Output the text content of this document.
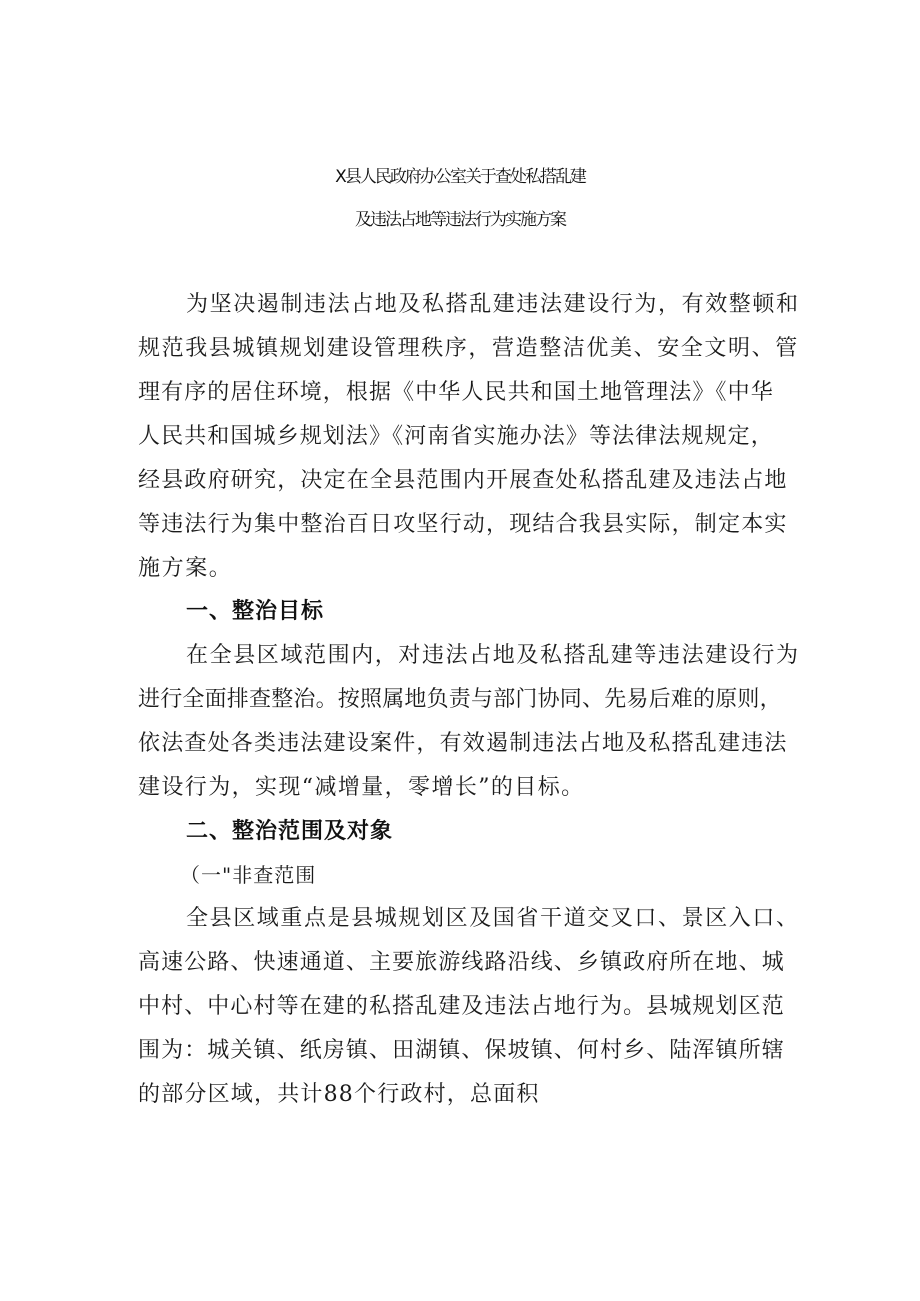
X县人民政府办公室关于查处私搭乱建
及违法占地等违法行为实施方案

为坚决遏制违法占地及私搭乱建违法建设行为，有效整顿和

规范我县城镇规划建设管理秩序，营造整洁优美、安全文明、管

理有序的居住环境，根据《中华人民共和国土地管理法》《中华

人民共和国城乡规划法》《河南省实施办法》等法律法规规定，

经县政府研究，决定在全县范围内开展查处私搭乱建及违法占地

等违法行为集中整治百日攻坚行动，现结合我县实际，制定本实

施方案。

一、整治目标

在全县区域范围内，对违法占地及私搭乱建等违法建设行为

进行全面排查整治。按照属地负责与部门协同、先易后难的原则，

依法查处各类违法建设案件，有效遏制违法占地及私搭乱建违法

建设行为，实现“减增量，零增长”的目标。

二、整治范围及对象

（一"非查范围

全县区域重点是县城规划区及国省干道交叉口、景区入口、

高速公路、快速通道、主要旅游线路沿线、乡镇政府所在地、城

中村、中心村等在建的私搭乱建及违法占地行为。县城规划区范

围为：城关镇、纸房镇、田湖镇、保坡镇、何村乡、陆浑镇所辖

的部分区域，共计88个行政村，总面积
